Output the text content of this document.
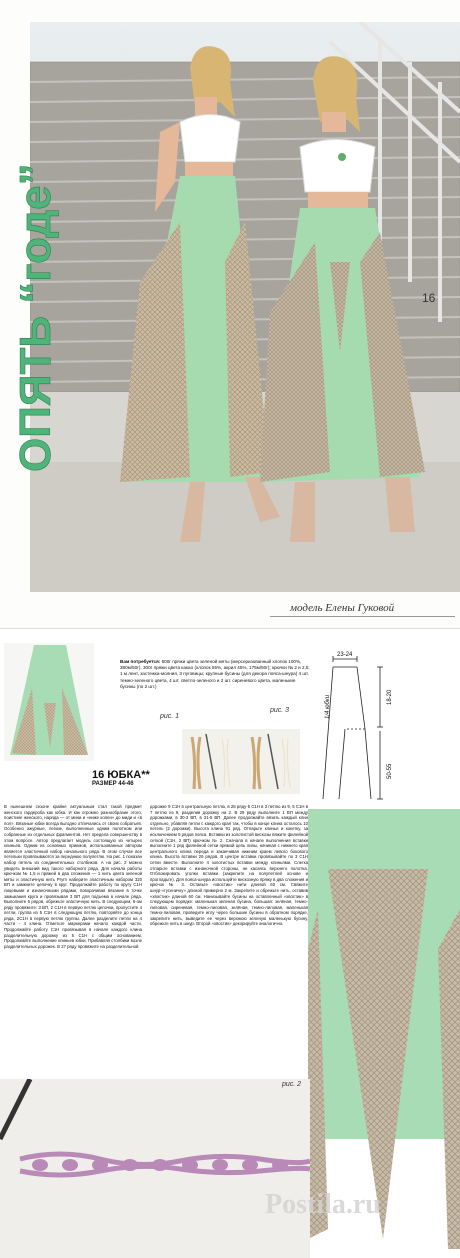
16
ОПЯТЬ “годе”
модель Елены Гуковой
Вам потребуется: 500г пряжи цвета зеленой мяты (мерсеризованный хлопок 100%, 380м/50г), 300г пряжи цвета какао (хлопок 55%, акрил 45%, 175м/50г); крючки № 2 и 2,5; 1 м лент, застежка-молния, 3 пуговицы; крупные бусины (для декора пояса-шнура) 4 шт. темно-зеленого цвета, 4 шт. светло-зеленого и 2 шт. сиреневого цвета, маленькие бусины (по 2 шт.)
рис. 1
рис. 3
23-24
1/4 юбки	18-20
50-55
16 ЮБКА**
РАЗМЕР 44-46
В нынешнем сезоне крайне актуальным стал такой предмет женского гардероба как юбка. И как огромно разнообразие этого, поистине женского, наряда — от мини и «ниже колен» до миди и «в пол». Вязаные юбки всегда выгодно отличались от своих собратьев. Особенно ажурные, легкие, выполненные одним полотном или собранные из отдельных фрагментов. Нет предела совершенству в этом вопросе. Автор предлагает модель состоящую из четырех клиньев. Одним из основных приемов, использованных автором является эластичный набор начального ряда. В этом случае все петельки провязываются за переднюю полупетлю. На рис. 1 показан набор петель из соединительных столбиков. А на рис. 2 можно увидеть внешний вид такого наборного ряда. Для начала работы крючком № 1,5 и пряжей в два сложения — 1 нить цвета зеленой мяты и эластичную нить Pryrn наберите эластичным набором 320 ВП и замкните цепочку в круг. Продолжайте работу по кругу С1Н лицевыми и изнаночными рядами, поворачивая вязание в точке замыкания круга и провязывая 3 ВП для подъема в начале ряда. Выполните 5 рядов, обрежьте эластичную нить. В следующем, 6-ом ряду провяжите: 3 ВП, 2 С1Н в первую петлю цепочки, пропустите 4 петли, группа из 5 С1Н в следующую петлю, повторяйте до конца ряда, 2С1Н в первую петлю группы. Далее разделите петли на 4 части - 4 клина. Отметьте маркерами начало каждой части. Продолжайте работу С1Н провязывая в начале каждого клина разделительную дорожку из 5 С1Н с общим основанием. Продолжайте выполнение клиньев юбки. Прибавляя столбики возле разделительных дорожек. В 27 ряду провяжите на разделительной
дорожке 9 С1Н в центральную петлю, в 28 ряду-5 С1Н в 3 петлю из 9, 5 С1Н в 7 петлю из 9, разделив дорожку на 2. В 29 ряду выполните 1 ВП между дорожками, в 30-3 ВП, в 31-5 ВП. Далее продолжайте вязать каждый клин отдельно, убавляя петли с каждого края так, чтобы в конце клина осталось 10 петель (2 дорожки). Высота клина 91 ряд. Отпарьте клинья и кокетку, за исключением 5 рядов пояса. Вставки из золотистой вискозы вяжите филейной сеткой (С1Н, 2 ВП) крючком № 2. Сначала в начале выполнения вставки выполните 1 ряд филейной сетки прямой цепь липы, начиная с нижнего края центрального клина переда и заканчивая нижним краем левого бокового клина. Высота вставки 26 рядов. В центре вставки провязывайте по 3 С1Н сетки вместе. Выполните 4 золотистых вставки между клиньями. Слегка отпарьте вставки с изнаночной стороны, не касаясь верхнего полотна. Отблокировать уголки вставки (закрепите на полупетлей основе и прогладьте). Для пояса-шнура используйте вискозную пряжу в два сложения и крючок № 3. Оставьте «хвостик» нити длиной 60 см. Свяжите шнур-«гусеничку» длиной примерно 2 м. Закрепите и обрежьте нить, оставив «хвостик» длиной 60 см. Нанизывайте бусины на оставленный «хвостик» в следующем порядке: маленькая зеленая бусина, большая: зелёная, темно-лиловая, сиреневая, темно-лиловая, зелёная, темно-лиловая, маленькая темно-лиловая, проведите иглу через большие бусины в обратном порядке, закрепите нить, выведите ее через верхнюю зеленую маленькую бусину, обрежьте нить в шнур. Второй «хвостик» декорируйте аналогично.
рис. 2
Postila.ru
